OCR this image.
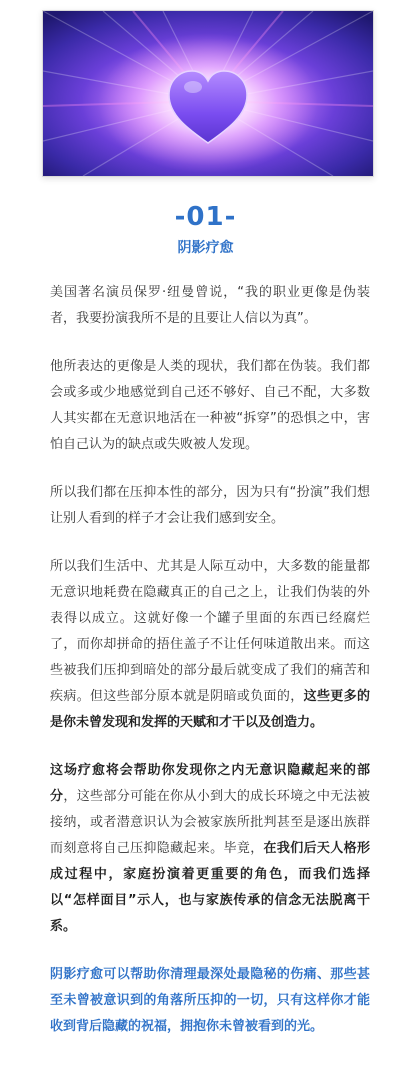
-01-
阴影疗愈

美国著名演员保罗·纽曼曾说，“我的职业更像是伪装者，我要扮演我所不是的且要让人信以为真”。

他所表达的更像是人类的现状，我们都在伪装。我们都会或多或少地感觉到自己还不够好、自己不配，大多数人其实都在无意识地活在一种被“拆穿”的恐惧之中，害怕自己认为的缺点或失败被人发现。

所以我们都在压抑本性的部分，因为只有“扮演”我们想让别人看到的样子才会让我们感到安全。

所以我们生活中、尤其是人际互动中，大多数的能量都无意识地耗费在隐藏真正的自己之上，让我们伪装的外表得以成立。这就好像一个罐子里面的东西已经腐烂了，而你却拼命的捂住盖子不让任何味道散出来。而这些被我们压抑到暗处的部分最后就变成了我们的痛苦和疾病。但这些部分原本就是阴暗或负面的，这些更多的是你未曾发现和发挥的天赋和才干以及创造力。

这场疗愈将会帮助你发现你之内无意识隐藏起来的部分，这些部分可能在你从小到大的成长环境之中无法被接纳，或者潜意识认为会被家族所批判甚至是逐出族群而刻意将自己压抑隐藏起来。毕竟，在我们后天人格形成过程中，家庭扮演着更重要的角色，而我们选择以“怎样面目”示人，也与家族传承的信念无法脱离干系。

阴影疗愈可以帮助你清理最深处最隐秘的伤痛、那些甚至未曾被意识到的角落所压抑的一切，只有这样你才能收到背后隐藏的祝福，拥抱你未曾被看到的光。
